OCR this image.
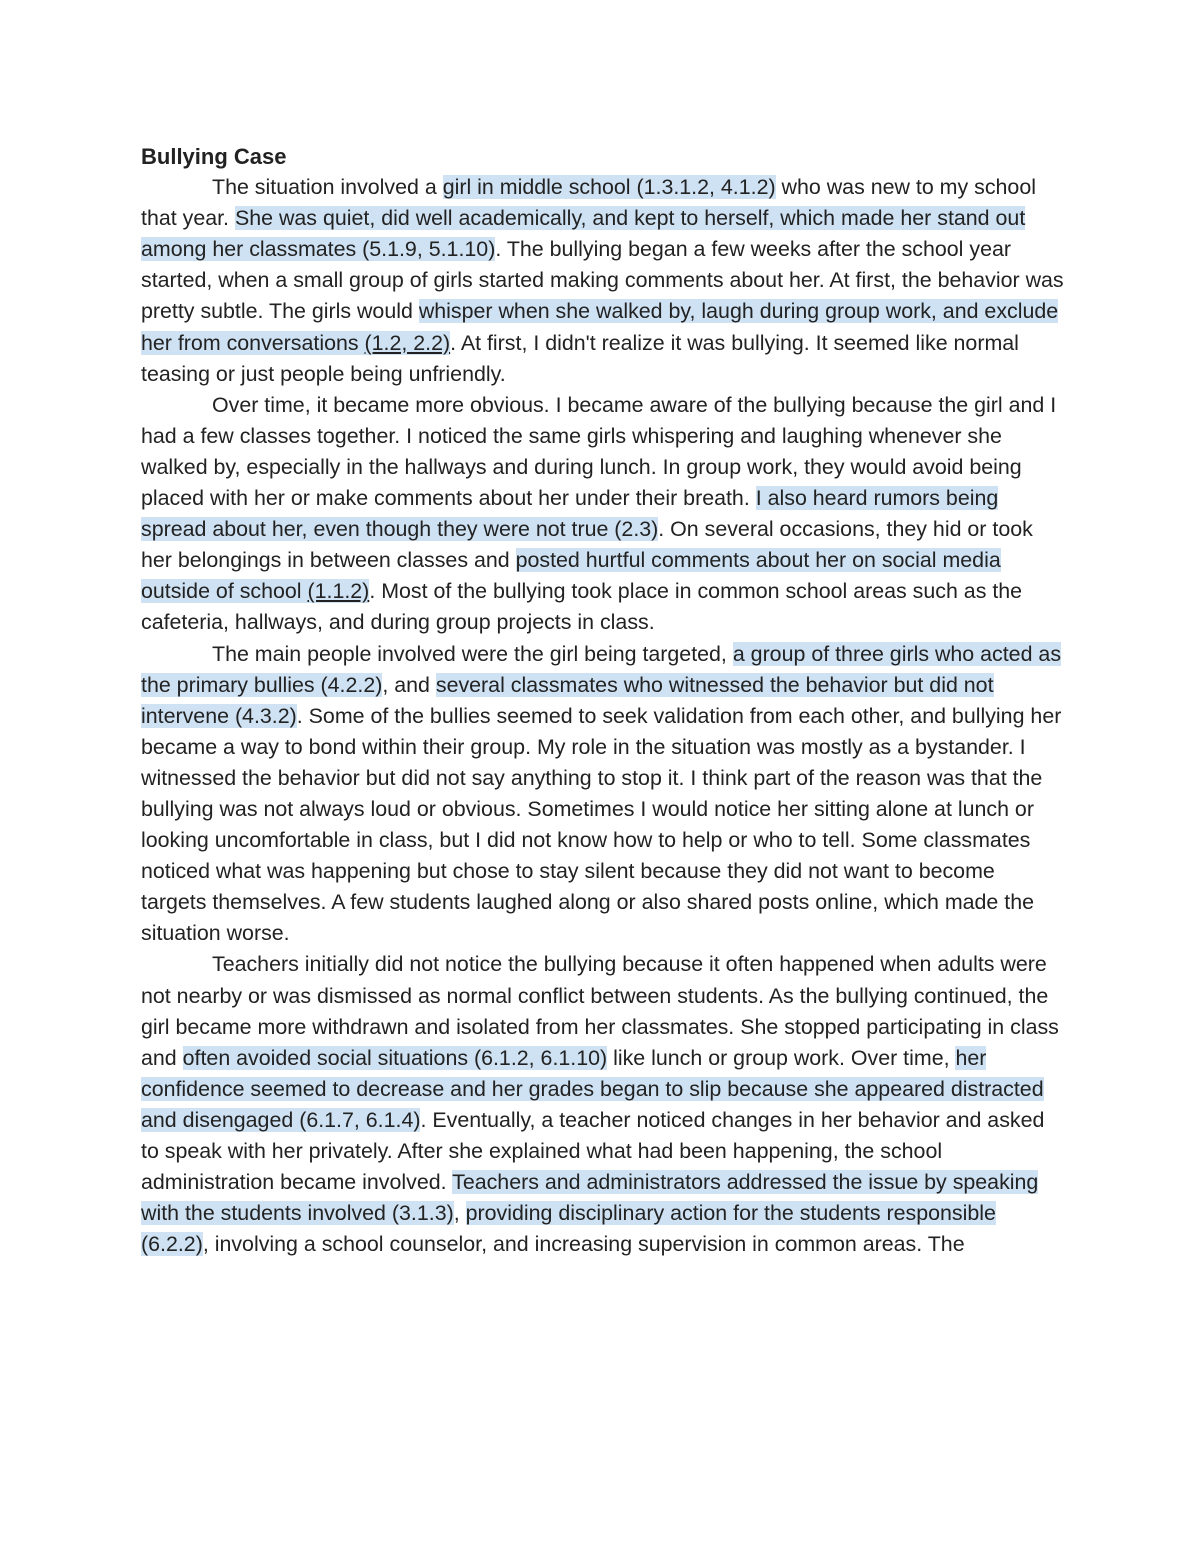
Bullying Case

The situation involved a girl in middle school (1.3.1.2, 4.1.2) who was new to my school that year. She was quiet, did well academically, and kept to herself, which made her stand out among her classmates (5.1.9, 5.1.10). The bullying began a few weeks after the school year started, when a small group of girls started making comments about her. At first, the behavior was pretty subtle. The girls would whisper when she walked by, laugh during group work, and exclude her from conversations (1.2, 2.2). At first, I didn't realize it was bullying. It seemed like normal teasing or just people being unfriendly.

Over time, it became more obvious. I became aware of the bullying because the girl and I had a few classes together. I noticed the same girls whispering and laughing whenever she walked by, especially in the hallways and during lunch. In group work, they would avoid being placed with her or make comments about her under their breath. I also heard rumors being spread about her, even though they were not true (2.3). On several occasions, they hid or took her belongings in between classes and posted hurtful comments about her on social media outside of school (1.1.2). Most of the bullying took place in common school areas such as the cafeteria, hallways, and during group projects in class.

The main people involved were the girl being targeted, a group of three girls who acted as the primary bullies (4.2.2), and several classmates who witnessed the behavior but did not intervene (4.3.2). Some of the bullies seemed to seek validation from each other, and bullying her became a way to bond within their group. My role in the situation was mostly as a bystander. I witnessed the behavior but did not say anything to stop it. I think part of the reason was that the bullying was not always loud or obvious. Sometimes I would notice her sitting alone at lunch or looking uncomfortable in class, but I did not know how to help or who to tell. Some classmates noticed what was happening but chose to stay silent because they did not want to become targets themselves. A few students laughed along or also shared posts online, which made the situation worse.

Teachers initially did not notice the bullying because it often happened when adults were not nearby or was dismissed as normal conflict between students. As the bullying continued, the girl became more withdrawn and isolated from her classmates. She stopped participating in class and often avoided social situations (6.1.2, 6.1.10) like lunch or group work. Over time, her confidence seemed to decrease and her grades began to slip because she appeared distracted and disengaged (6.1.7, 6.1.4). Eventually, a teacher noticed changes in her behavior and asked to speak with her privately. After she explained what had been happening, the school administration became involved. Teachers and administrators addressed the issue by speaking with the students involved (3.1.3), providing disciplinary action for the students responsible (6.2.2), involving a school counselor, and increasing supervision in common areas. The
